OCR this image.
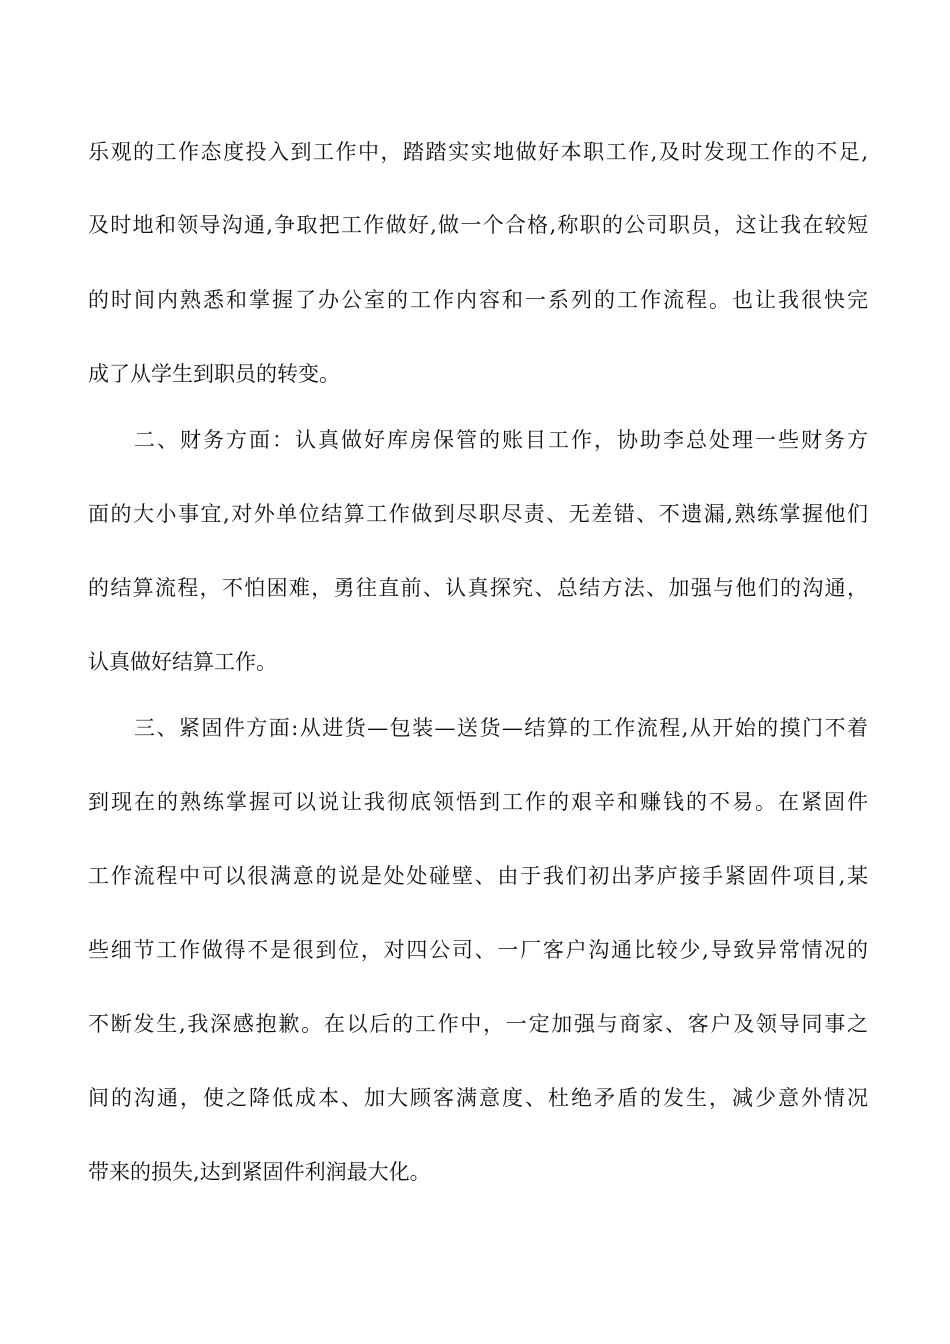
乐观的工作态度投入到工作中，踏踏实实地做好本职工作,及时发现工作的不足,
及时地和领导沟通,争取把工作做好,做一个合格,称职的公司职员，这让我在较短
的时间内熟悉和掌握了办公室的工作内容和一系列的工作流程。也让我很快完
成了从学生到职员的转变。
二、财务方面：认真做好库房保管的账目工作，协助李总处理一些财务方
面的大小事宜,对外单位结算工作做到尽职尽责、无差错、不遗漏,熟练掌握他们
的结算流程，不怕困难，勇往直前、认真探究、总结方法、加强与他们的沟通，
认真做好结算工作。
三、紧固件方面:从进货—包装—送货—结算的工作流程,从开始的摸门不着
到现在的熟练掌握可以说让我彻底领悟到工作的艰辛和赚钱的不易。在紧固件
工作流程中可以很满意的说是处处碰壁、由于我们初出茅庐接手紧固件项目,某
些细节工作做得不是很到位，对四公司、一厂客户沟通比较少,导致异常情况的
不断发生,我深感抱歉。在以后的工作中，一定加强与商家、客户及领导同事之
间的沟通，使之降低成本、加大顾客满意度、杜绝矛盾的发生，减少意外情况
带来的损失,达到紧固件利润最大化。
